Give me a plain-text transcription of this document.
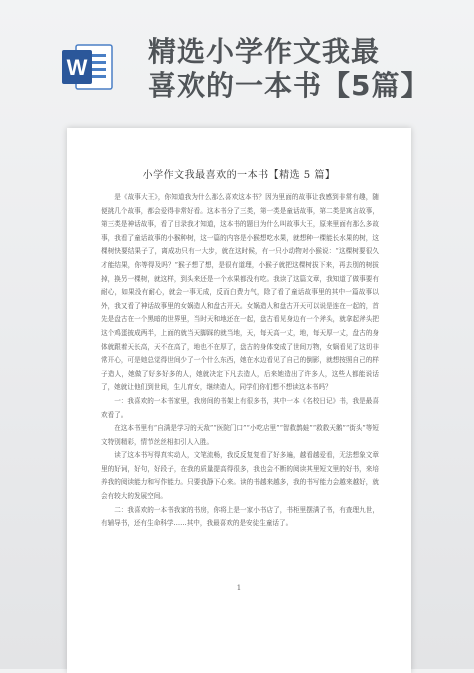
W 精选小学作文我最
喜欢的一本书【5篇】
小学作文我最喜欢的一本书【精选 5 篇】

是《故事大王》，你知道我为什么那么喜欢这本书？因为里面的故事让我感到非常有趣，随便挑几个故事，都会爱得非常好看。这本书分了三类，第一类是童话故事，第二类是寓言故事，第三类是神话故事，看了目录我才知道，这本书的题目为什么叫故事大王，原来里面有那么多故事，我看了童话故事的小猴种树，这一篇的内容是小猴想吃水果，就想种一棵能长水果的树，这棵树快要结果子了，离成功只有一大步，就在这时候，有一只小动物对小猴说：“这棵树要很久才能结果，你等得及吗？”猴子想了想，是很有道理，小猴子就把这棵树拔下来，再去別的树拔掉，换另一棵树，就这样，到头来还是一个水果都没有吃。我读了这篇文章，我知道了做事要有耐心，如果没有耐心，就会一事无成，反而白费力气，除了看了童话故事里的其中一篇故事以外，我又看了神话故事里的女娲造人和盘古开天。女娲造人和盘古开天可以说是连在一起的，首先是盘古在一个黑暗的世界里，当时天和地还在一起，盘古看见身边有一个斧头，就拿起斧头把这个鸡蛋披成两半，上面的就当天脚踩的就当地，天，每天高一丈，地，每天厚一丈，盘古的身体就跟着天长高，天不在高了，地也不在厚了，盘古的身体变成了世间万物，女娲看见了这切非常开心，可是她总觉得世间少了一个什么东西，她在水边看见了自己的倒影，就想按照自己的样子造人，她做了好多好多的人，她就决定下凡去造人，后来她造出了许多人，这些人都能说话了，她就让他们到世间，生儿育女，继续造人，同学们你们想不想读这本书吗？

一：我喜欢的一本书家里，我房间的书架上有很多书，其中一本《名校日记》书，我是最喜欢看了。

在这本书里有“自满是学习的天敌”“医院门口”“小吃店里”“智救鹊蛙”“救救天鹅”“街头”等短文特别精彩，情节丝丝相扣引人入胜。

读了这本书写得真实动人，文笔流畅，我反反复复看了好多遍，越看越爱看，无法想象文章里的好词，好句，好段子，在我的质量提高得很多，我也会不断的阅读其里短文里的好书，来培养我的阅读能力和写作能力。只要我静下心来。读的书越来越多，我的书写能力会越来越好，就会有较大的发展空间。

二：我喜欢的一本书我家的书房，你将上是一家小书店了，书柜里摆满了书，有查理九世，有辅导书，还有生命科学……其中，我最喜欢的是安徒生童话了。

1
